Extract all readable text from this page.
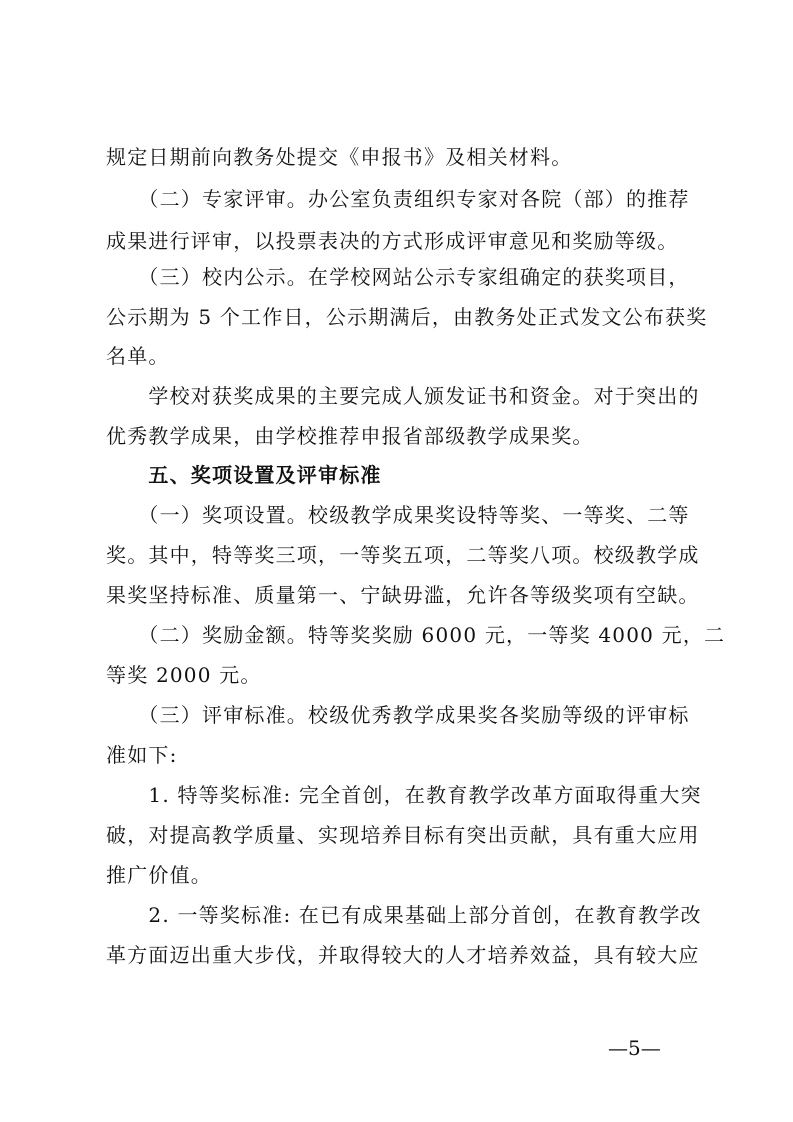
规定日期前向教务处提交《申报书》及相关材料。
　　（二）专家评审。办公室负责组织专家对各院（部）的推荐
成果进行评审，以投票表决的方式形成评审意见和奖励等级。
　　（三）校内公示。在学校网站公示专家组确定的获奖项目，
公示期为 5 个工作日，公示期满后，由教务处正式发文公布获奖
名单。
　　学校对获奖成果的主要完成人颁发证书和资金。对于突出的
优秀教学成果，由学校推荐申报省部级教学成果奖。
　　五、奖项设置及评审标准
　　（一）奖项设置。校级教学成果奖设特等奖、一等奖、二等
奖。其中，特等奖三项，一等奖五项，二等奖八项。校级教学成
果奖坚持标准、质量第一、宁缺毋滥，允许各等级奖项有空缺。
　　（二）奖励金额。特等奖奖励 6000 元，一等奖 4000 元，二
等奖 2000 元。
　　（三）评审标准。校级优秀教学成果奖各奖励等级的评审标
准如下:
　　1. 特等奖标准: 完全首创，在教育教学改革方面取得重大突
破，对提高教学质量、实现培养目标有突出贡献，具有重大应用
推广价值。
　　2. 一等奖标准: 在已有成果基础上部分首创，在教育教学改
革方面迈出重大步伐，并取得较大的人才培养效益，具有较大应
—5—
